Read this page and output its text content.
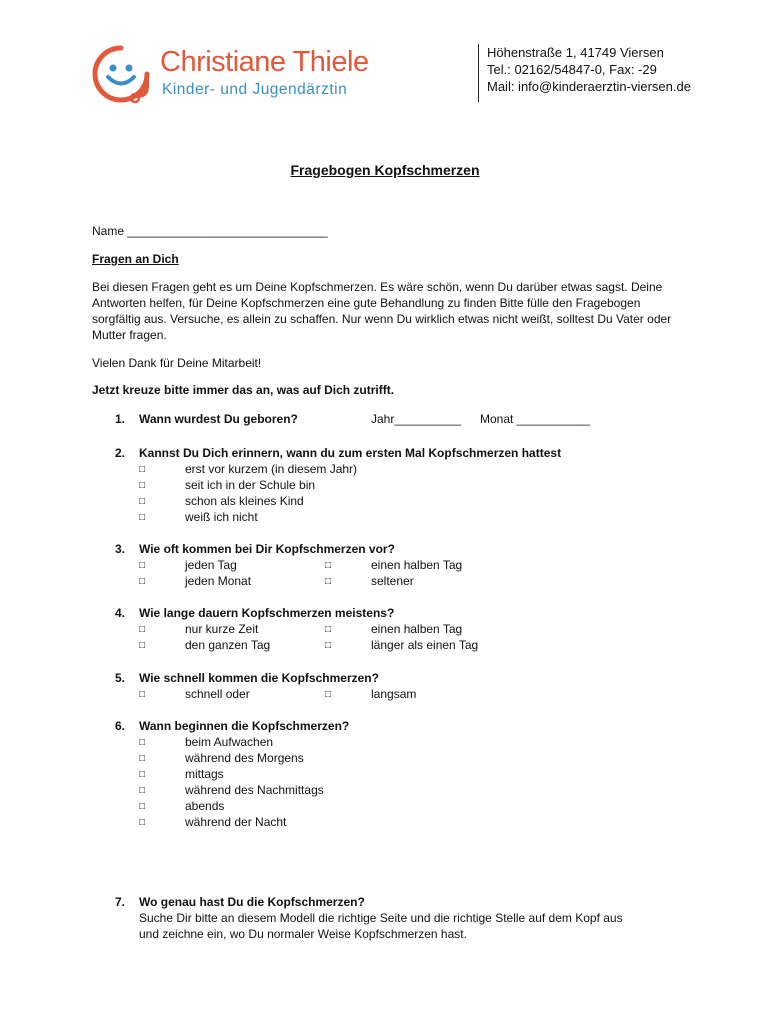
Christiane Thiele
Kinder- und Jugendärztin
Höhenstraße 1, 41749 Viersen
Tel.: 02162/54847-0, Fax: -29
Mail: info@kinderaerztin-viersen.de
Fragebogen Kopfschmerzen
Name ______________________________
Fragen an Dich
Bei diesen Fragen geht es um Deine Kopfschmerzen. Es wäre schön, wenn Du darüber etwas sagst. Deine Antworten helfen, für Deine Kopfschmerzen eine gute Behandlung zu finden Bitte fülle den Fragebogen sorgfältig aus. Versuche, es allein zu schaffen. Nur wenn Du wirklich etwas nicht weißt, solltest Du Vater oder Mutter fragen.
Vielen Dank für Deine Mitarbeit!
Jetzt kreuze bitte immer das an, was auf Dich zutrifft.
1. Wann wurdest Du geboren?	Jahr__________ Monat ___________
2. Kannst Du Dich erinnern, wann du zum ersten Mal Kopfschmerzen hattest
□	erst vor kurzem (in diesem Jahr)
□	seit ich in der Schule bin
□	schon als kleines Kind
□	weiß ich nicht
3. Wie oft kommen bei Dir Kopfschmerzen vor?
□	jeden Tag	□	einen halben Tag
□	jeden Monat	□	seltener
4. Wie lange dauern Kopfschmerzen meistens?
□	nur kurze Zeit	□	einen halben Tag
□	den ganzen Tag	□	länger als einen Tag
5. Wie schnell kommen die Kopfschmerzen?
□	schnell oder	□	langsam
6. Wann beginnen die Kopfschmerzen?
□	beim Aufwachen
□	während des Morgens
□	mittags
□	während des Nachmittags
□	abends
□	während der Nacht
7. Wo genau hast Du die Kopfschmerzen?
Suche Dir bitte an diesem Modell die richtige Seite und die richtige Stelle auf dem Kopf aus
und zeichne ein, wo Du normaler Weise Kopfschmerzen hast.
